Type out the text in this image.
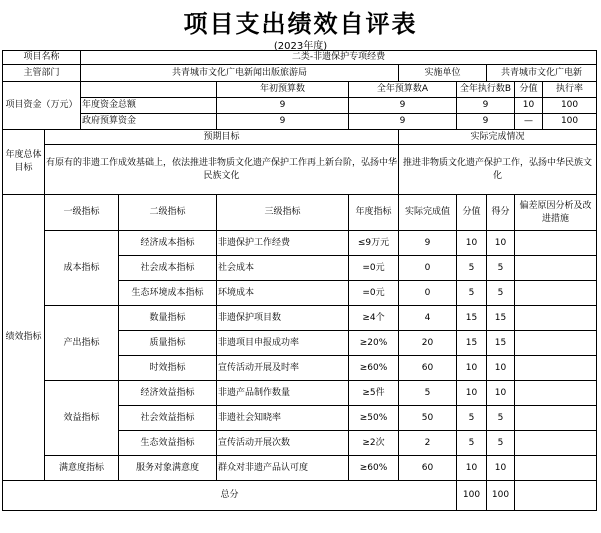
项目支出绩效自评表
(2023年度)
项目名称		二类-非遗保护专项经费								
主管部门		共青城市文化广电新闻出版旅游局				实施单位		共青城市文化广电新		
项目资金（万元）				年初预算数	全年预算数A		全年执行数B		分值	执行率
		年度资金总额		9	9		9		10	100
		政府预算资金		9	9		9		—	100
年度总体目标	预期目标					实际完成情况				
	有原有的非遗工作成效基础上，依法推进非物质文化遗产保护工作再上新台阶，弘扬中华民族文化					推进非物质文化遗产保护工作，弘扬中华民族文化				
绩效指标	一级指标		二级指标	三级指标	年度指标	实际完成值	分值	得分	偏差原因分析及改进措施	
	成本指标		经济成本指标	非遗保护工作经费	≤9万元	9	10	10		
			社会成本指标	社会成本	=0元	0	5	5		
			生态环境成本指标	环境成本	=0元	0	5	5		
	产出指标		数量指标	非遗保护项目数	≥4个	4	15	15		
			质量指标	非遗项目申报成功率	≥20%	20	15	15		
			时效指标	宣传活动开展及时率	≥60%	60	10	10		
	效益指标		经济效益指标	非遗产品制作数量	≥5件	5	10	10		
			社会效益指标	非遗社会知晓率	≥50%	50	5	5		
			生态效益指标	宣传活动开展次数	≥2次	2	5	5		
	满意度指标		服务对象满意度	群众对非遗产品认可度	≥60%	60	10	10		
总分							100	100		
